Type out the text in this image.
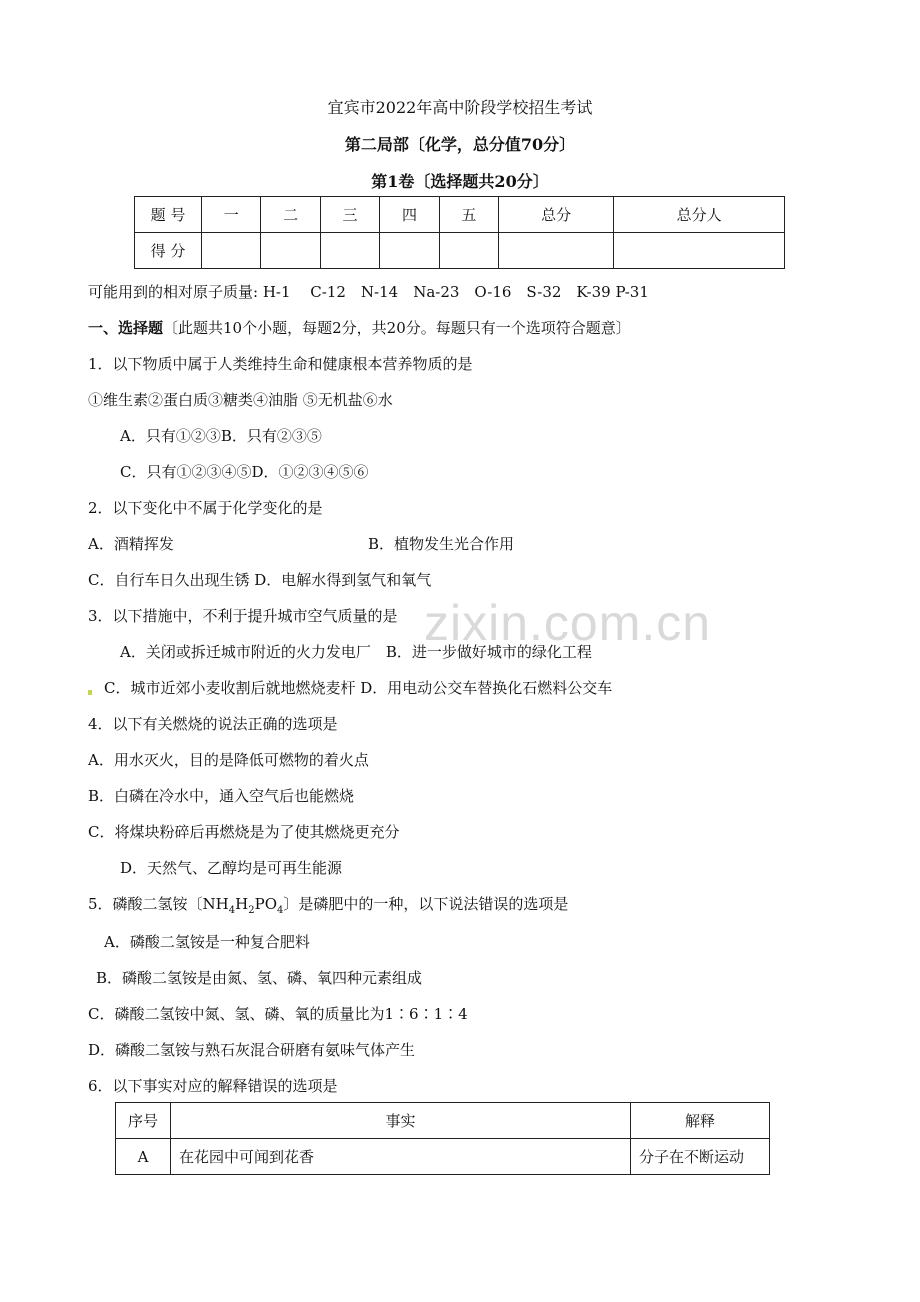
宜宾市2022年高中阶段学校招生考试
第二局部〔化学，总分值70分〕
第1卷〔选择题共20分〕
题 号	一	二	三	四	五	总分	总分人
得 分							
可能用到的相对原子质量: H-1　 C-12　N-14　Na-23　O-16　S-32　K-39 P-31
一、选择题〔此题共10个小题，每题2分，共20分。每题只有一个选项符合题意〕
1．以下物质中属于人类维持生命和健康根本营养物质的是
①维生素②蛋白质③糖类④油脂 ⑤无机盐⑥水
A．只有①②③B．只有②③⑤
C．只有①②③④⑤D．①②③④⑤⑥
2．以下变化中不属于化学变化的是
A．酒精挥发	B．植物发生光合作用
C．自行车日久出现生锈 D．电解水得到氢气和氧气
3．以下措施中，不利于提升城市空气质量的是
A．关闭或拆迁城市附近的火力发电厂　B．进一步做好城市的绿化工程
C．城市近郊小麦收割后就地燃烧麦杆 D．用电动公交车替换化石燃料公交车
zixin.com.cn
4．以下有关燃烧的说法正确的选项是
A．用水灭火，目的是降低可燃物的着火点
B．白磷在冷水中，通入空气后也能燃烧
C．将煤块粉碎后再燃烧是为了使其燃烧更充分
D．天然气、乙醇均是可再生能源
5．磷酸二氢铵〔$NH_4H_2PO_4$〕是磷肥中的一种，以下说法错误的选项是
A．磷酸二氢铵是一种复合肥料
B．磷酸二氢铵是由氮、氢、磷、氧四种元素组成
C．磷酸二氢铵中氮、氢、磷、氧的质量比为1∶6∶1∶4
D．磷酸二氢铵与熟石灰混合研磨有氨味气体产生
6．以下事实对应的解释错误的选项是
序号	事实	解释
A	在花园中可闻到花香	分子在不断运动
